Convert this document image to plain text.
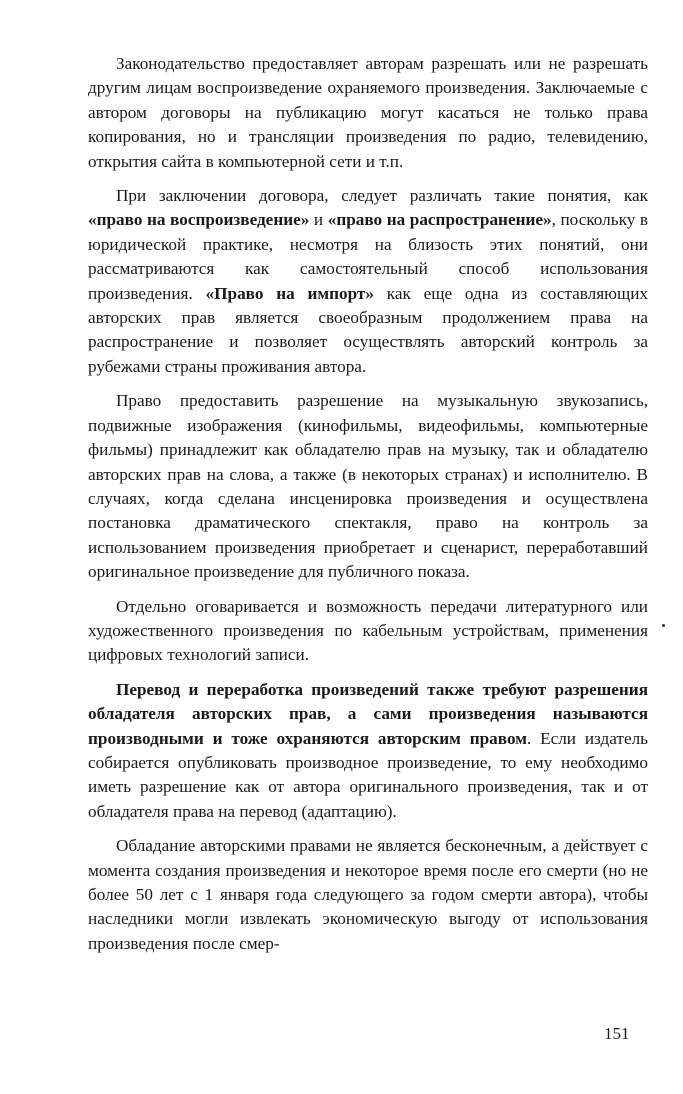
Законодательство предоставляет авторам разрешать или не разрешать другим лицам воспроизведение охраняемого произведения. Заключаемые с автором договоры на публикацию могут касаться не только права копирования, но и трансляции произведения по радио, телевидению, открытия сайта в компьютерной сети и т.п.

При заключении договора, следует различать такие понятия, как «право на воспроизведение» и «право на распространение», поскольку в юридической практике, несмотря на близость этих понятий, они рассматриваются как самостоятельный способ использования произведения. «Право на импорт» как еще одна из составляющих авторских прав является своеобразным продолжением права на распространение и позволяет осуществлять авторский контроль за рубежами страны проживания автора.

Право предоставить разрешение на музыкальную звукозапись, подвижные изображения (кинофильмы, видеофильмы, компьютерные фильмы) принадлежит как обладателю прав на музыку, так и обладателю авторских прав на слова, а также (в некоторых странах) и исполнителю. В случаях, когда сделана инсценировка произведения и осуществлена постановка драматического спектакля, право на контроль за использованием произведения приобретает и сценарист, переработавший оригинальное произведение для публичного показа.

Отдельно оговаривается и возможность передачи литературного или художественного произведения по кабельным устройствам, применения цифровых технологий записи.

Перевод и переработка произведений также требуют разрешения обладателя авторских прав, а сами произведения называются производными и тоже охраняются авторским правом. Если издатель собирается опубликовать производное произведение, то ему необходимо иметь разрешение как от автора оригинального произведения, так и от обладателя права на перевод (адаптацию).

Обладание авторскими правами не является бесконечным, а действует с момента создания произведения и некоторое время после его смерти (но не более 50 лет с 1 января года следующего за годом смерти автора), чтобы наследники могли извлекать экономическую выгоду от использования произведения после смер-

151
